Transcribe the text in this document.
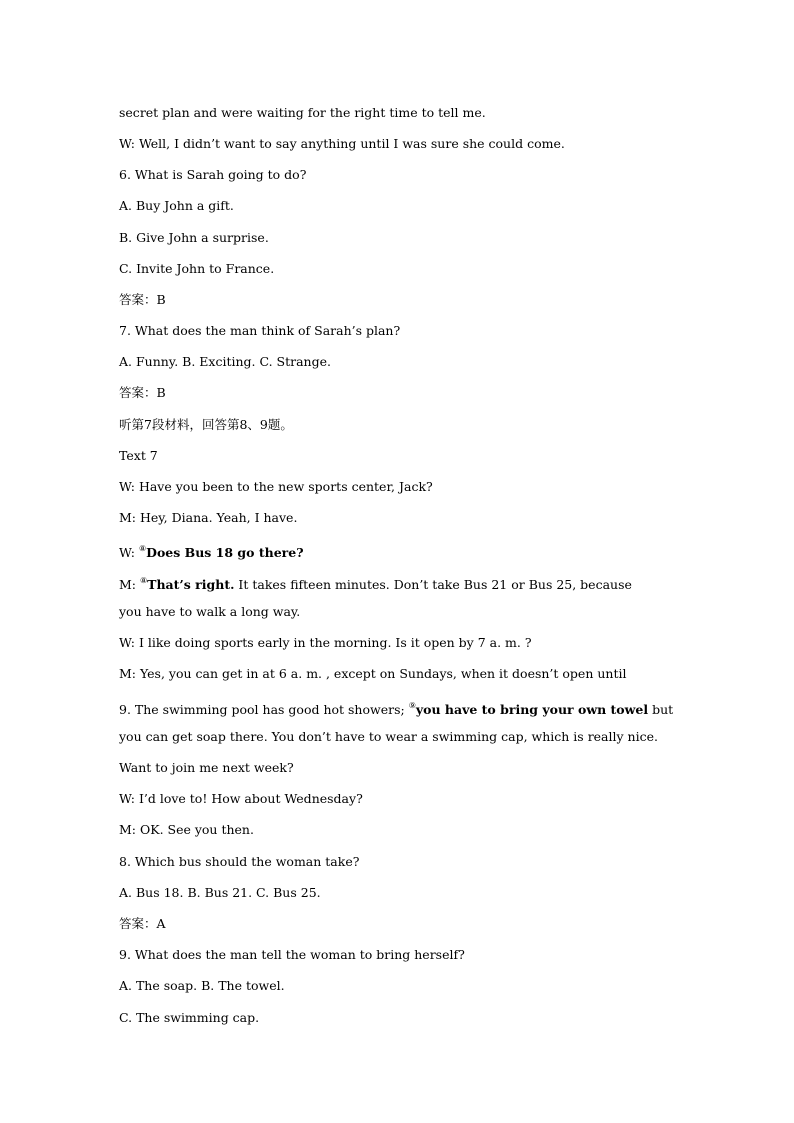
secret plan and were waiting for the right time to tell me.
W: Well, I didn’t want to say anything until I was sure she could come.
6. What is Sarah going to do?
A. Buy John a gift.
B. Give John a surprise.
C. Invite John to France.
答案：B
7. What does the man think of Sarah’s plan?
A. Funny. B. Exciting. C. Strange.
答案：B
听第7段材料，回答第8、9题。
Text 7
W: Have you been to the new sports center, Jack?
M: Hey, Diana. Yeah, I have.
W: ⑧Does Bus 18 go there?
M: ⑧That’s right. It takes fifteen minutes. Don’t take Bus 21 or Bus 25, because
you have to walk a long way.
W: I like doing sports early in the morning. Is it open by 7 a. m. ?
M: Yes, you can get in at 6 a. m. , except on Sundays, when it doesn’t open until
9. The swimming pool has good hot showers; ⑨you have to bring your own towel but
you can get soap there. You don’t have to wear a swimming cap, which is really nice.
Want to join me next week?
W: I’d love to! How about Wednesday?
M: OK. See you then.
8. Which bus should the woman take?
A. Bus 18. B. Bus 21. C. Bus 25.
答案：A
9. What does the man tell the woman to bring herself?
A. The soap. B. The towel.
C. The swimming cap.
